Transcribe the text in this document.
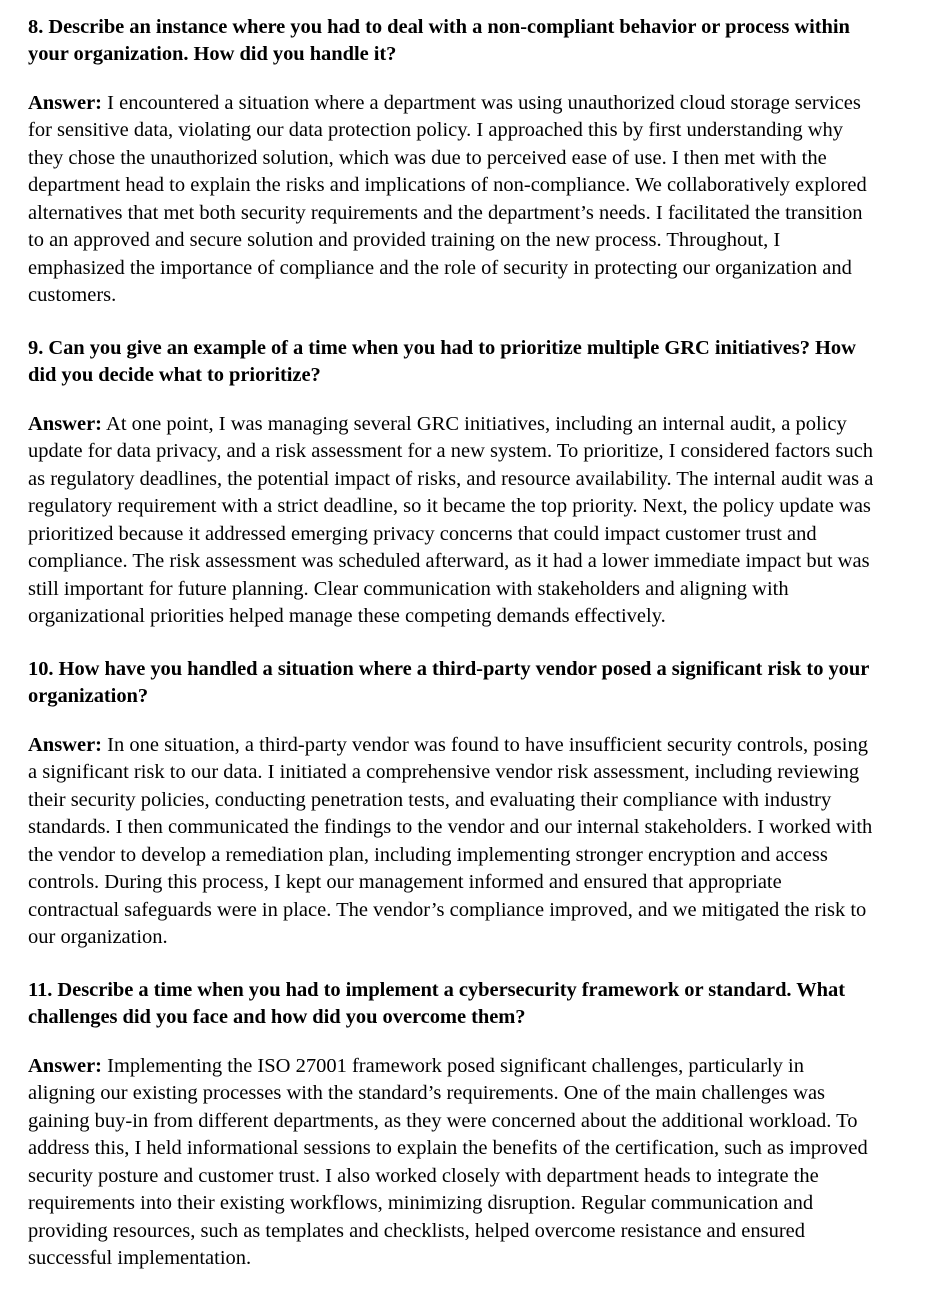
8. Describe an instance where you had to deal with a non-compliant behavior or process within your organization. How did you handle it?

Answer: I encountered a situation where a department was using unauthorized cloud storage services for sensitive data, violating our data protection policy. I approached this by first understanding why they chose the unauthorized solution, which was due to perceived ease of use. I then met with the department head to explain the risks and implications of non-compliance. We collaboratively explored alternatives that met both security requirements and the department’s needs. I facilitated the transition to an approved and secure solution and provided training on the new process. Throughout, I emphasized the importance of compliance and the role of security in protecting our organization and customers.

9. Can you give an example of a time when you had to prioritize multiple GRC initiatives? How did you decide what to prioritize?

Answer: At one point, I was managing several GRC initiatives, including an internal audit, a policy update for data privacy, and a risk assessment for a new system. To prioritize, I considered factors such as regulatory deadlines, the potential impact of risks, and resource availability. The internal audit was a regulatory requirement with a strict deadline, so it became the top priority. Next, the policy update was prioritized because it addressed emerging privacy concerns that could impact customer trust and compliance. The risk assessment was scheduled afterward, as it had a lower immediate impact but was still important for future planning. Clear communication with stakeholders and aligning with organizational priorities helped manage these competing demands effectively.

10. How have you handled a situation where a third-party vendor posed a significant risk to your organization?

Answer: In one situation, a third-party vendor was found to have insufficient security controls, posing a significant risk to our data. I initiated a comprehensive vendor risk assessment, including reviewing their security policies, conducting penetration tests, and evaluating their compliance with industry standards. I then communicated the findings to the vendor and our internal stakeholders. I worked with the vendor to develop a remediation plan, including implementing stronger encryption and access controls. During this process, I kept our management informed and ensured that appropriate contractual safeguards were in place. The vendor’s compliance improved, and we mitigated the risk to our organization.

11. Describe a time when you had to implement a cybersecurity framework or standard. What challenges did you face and how did you overcome them?

Answer: Implementing the ISO 27001 framework posed significant challenges, particularly in aligning our existing processes with the standard’s requirements. One of the main challenges was gaining buy-in from different departments, as they were concerned about the additional workload. To address this, I held informational sessions to explain the benefits of the certification, such as improved security posture and customer trust. I also worked closely with department heads to integrate the requirements into their existing workflows, minimizing disruption. Regular communication and providing resources, such as templates and checklists, helped overcome resistance and ensured successful implementation.
